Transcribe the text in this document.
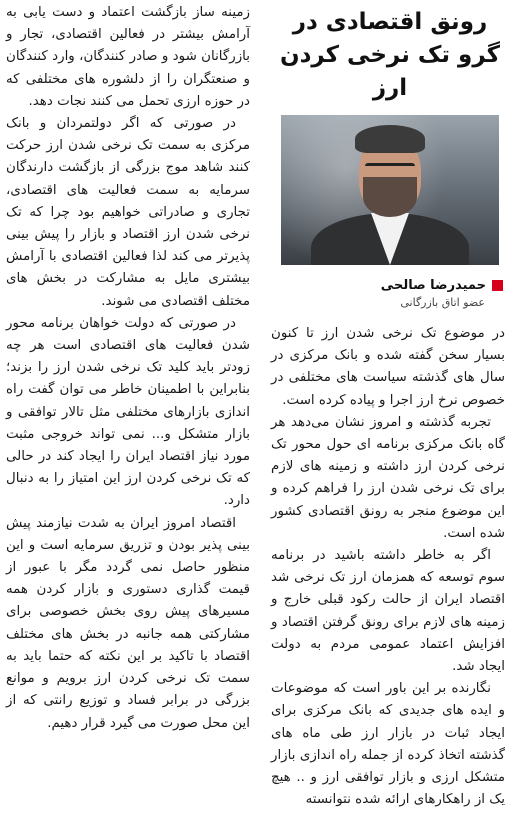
رونق اقتصادی در گرو تک نرخی کردن ارز
حمیدرضا صالحی
عضو اتاق بازرگانی

در موضوع تک نرخی شدن ارز تا کنون بسیار سخن گفته شده و بانک مرکزی در سال های گذشته سیاست های مختلفی در خصوص نرخ ارز اجرا و پیاده کرده است.

تجربه گذشته و امروز نشان می‌دهد هر گاه بانک مرکزی برنامه ای حول محور تک نرخی کردن ارز داشته و زمینه های لازم برای تک نرخی شدن ارز را فراهم کرده و این موضوع منجر به رونق اقتصادی کشور شده است.

اگر به خاطر داشته باشید در برنامه سوم توسعه که همزمان ارز تک نرخی شد اقتصاد ایران از حالت رکود قبلی خارج و زمینه های لازم برای رونق گرفتن اقتصاد و افزایش اعتماد عمومی مردم به دولت ایجاد شد.

نگارنده بر این باور است که موضوعات و ایده های جدیدی که بانک مرکزی برای ایجاد ثبات در بازار ارز طی ماه های گذشته اتخاذ کرده از جمله راه اندازی بازار متشکل ارزی و بازار توافقی ارز و .. هیچ یک از راهکارهای ارائه شده نتوانسته

زمینه ساز بازگشت اعتماد و دست یابی به آرامش بیشتر در فعالین اقتصادی، تجار و بازرگانان شود و صادر کنندگان، وارد کنندگان و صنعتگران را از دلشوره های مختلفی که در حوزه ارزی تحمل می کنند نجات دهد.

در صورتی که اگر دولتمردان و بانک مرکزی به سمت تک نرخی شدن ارز حرکت کنند شاهد موج بزرگی از بازگشت دارندگان سرمایه به سمت فعالیت های اقتصادی، تجاری و صادراتی خواهیم بود چرا که تک نرخی شدن ارز اقتصاد و بازار را پیش بینی پذیرتر می کند لذا فعالین اقتصادی با آرامش بیشتری مایل به مشارکت در بخش های مختلف اقتصادی می شوند.

در صورتی که دولت خواهان برنامه محور شدن فعالیت های اقتصادی است هر چه زودتر باید کلید تک نرخی شدن ارز را بزند؛ بنابراین با اطمینان خاطر می توان گفت راه اندازی بازارهای مختلفی مثل تالار توافقی و بازار متشکل و... نمی تواند خروجی مثبت مورد نیاز اقتصاد ایران را ایجاد کند در حالی که تک نرخی کردن ارز این امتیاز را به دنبال دارد.

اقتصاد امروز ایران به شدت نیازمند پیش بینی پذیر بودن و تزریق سرمایه است و این منظور حاصل نمی گردد مگر با عبور از قیمت گذاری دستوری و بازار کردن همه مسیرهای پیش روی بخش خصوصی برای مشارکتی همه جانبه در بخش های مختلف اقتصاد با تاکید بر این نکته که حتما باید به سمت تک نرخی کردن ارز برویم و موانع بزرگی در برابر فساد و توزیع رانتی که از این محل صورت می گیرد قرار دهیم.
